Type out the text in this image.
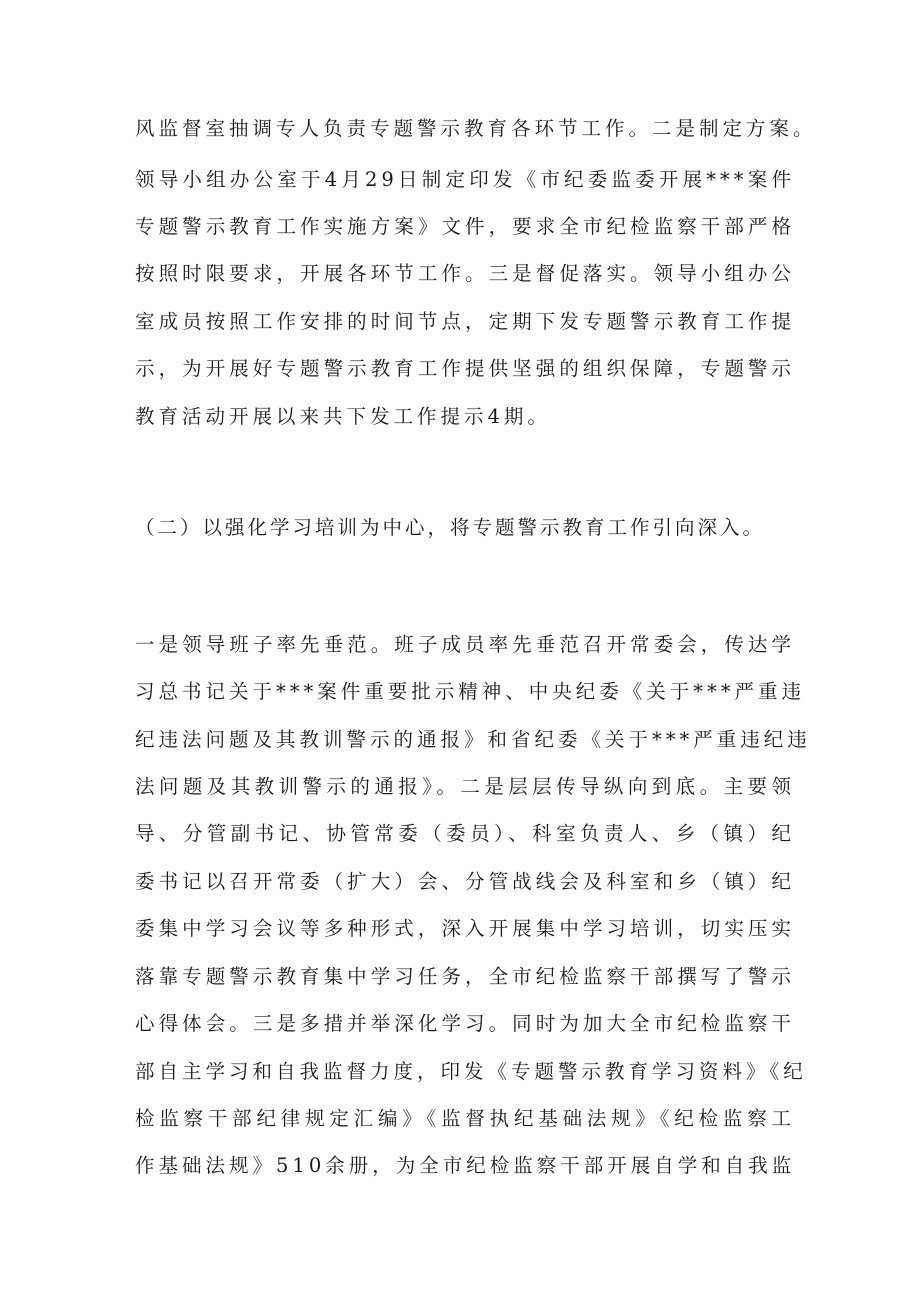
风监督室抽调专人负责专题警示教育各环节工作。二是制定方案。
领导小组办公室于4月29日制定印发《市纪委监委开展***案件
专题警示教育工作实施方案》文件，要求全市纪检监察干部严格
按照时限要求，开展各环节工作。三是督促落实。领导小组办公
室成员按照工作安排的时间节点，定期下发专题警示教育工作提
示，为开展好专题警示教育工作提供坚强的组织保障，专题警示
教育活动开展以来共下发工作提示4期。
（二）以强化学习培训为中心，将专题警示教育工作引向深入。
一是领导班子率先垂范。班子成员率先垂范召开常委会，传达学
习总书记关于***案件重要批示精神、中央纪委《关于***严重违
纪违法问题及其教训警示的通报》和省纪委《关于***严重违纪违
法问题及其教训警示的通报》。二是层层传导纵向到底。主要领
导、分管副书记、协管常委（委员）、科室负责人、乡（镇）纪
委书记以召开常委（扩大）会、分管战线会及科室和乡（镇）纪
委集中学习会议等多种形式，深入开展集中学习培训，切实压实
落靠专题警示教育集中学习任务，全市纪检监察干部撰写了警示
心得体会。三是多措并举深化学习。同时为加大全市纪检监察干
部自主学习和自我监督力度，印发《专题警示教育学习资料》《纪
检监察干部纪律规定汇编》《监督执纪基础法规》《纪检监察工
作基础法规》510余册，为全市纪检监察干部开展自学和自我监
